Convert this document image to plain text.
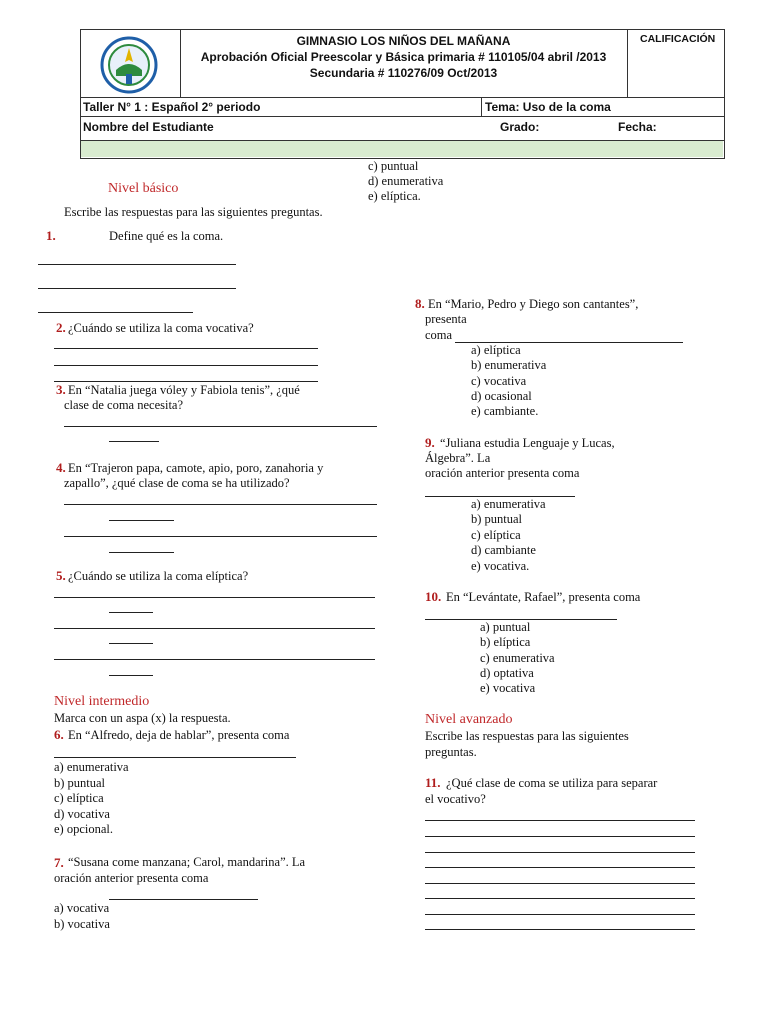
GIMNASIO LOS NIÑOS DEL MAÑANA
Aprobación Oficial Preescolar y Básica primaria # 110105/04 abril /2013
Secundaria # 110276/09 Oct/2013
CALIFICACIÓN
Taller N° 1 : Español 2° periodo	Tema: Uso de la coma
Nombre del Estudiante	Grado:	Fecha:
c) puntual
d) enumerativa
e) elíptica.
Nivel básico
Escribe las respuestas para las siguientes preguntas.
1.	Define qué es la coma.
2. ¿Cuándo se utiliza la coma vocativa?
3. En “Natalia juega vóley y Fabiola tenis”, ¿qué
clase de coma necesita?
4. En “Trajeron papa, camote, apio, poro, zanahoria y
zapallo”, ¿qué clase de coma se ha utilizado?
5. ¿Cuándo se utiliza la coma elíptica?
Nivel intermedio
Marca con un aspa (x) la respuesta.
6. En “Alfredo, deja de hablar”, presenta coma
a) enumerativa
b) puntual
c) elíptica
d) vocativa
e) opcional.
7. “Susana come manzana; Carol, mandarina”. La
oración anterior presenta coma
a) vocativa
b) vocativa
8. En “Mario, Pedro y Diego son cantantes”,
presenta
coma
a) elíptica
b) enumerativa
c) vocativa
d) ocasional
e) cambiante.
9. “Juliana estudia Lenguaje y Lucas,
Álgebra”. La
oración anterior presenta coma
a) enumerativa
b) puntual
c) elíptica
d) cambiante
e) vocativa.
10. En “Levántate, Rafael”, presenta coma
a) puntual
b) elíptica
c) enumerativa
d) optativa
e) vocativa
Nivel avanzado
Escribe las respuestas para las siguientes
preguntas.
11. ¿Qué clase de coma se utiliza para separar
el vocativo?
